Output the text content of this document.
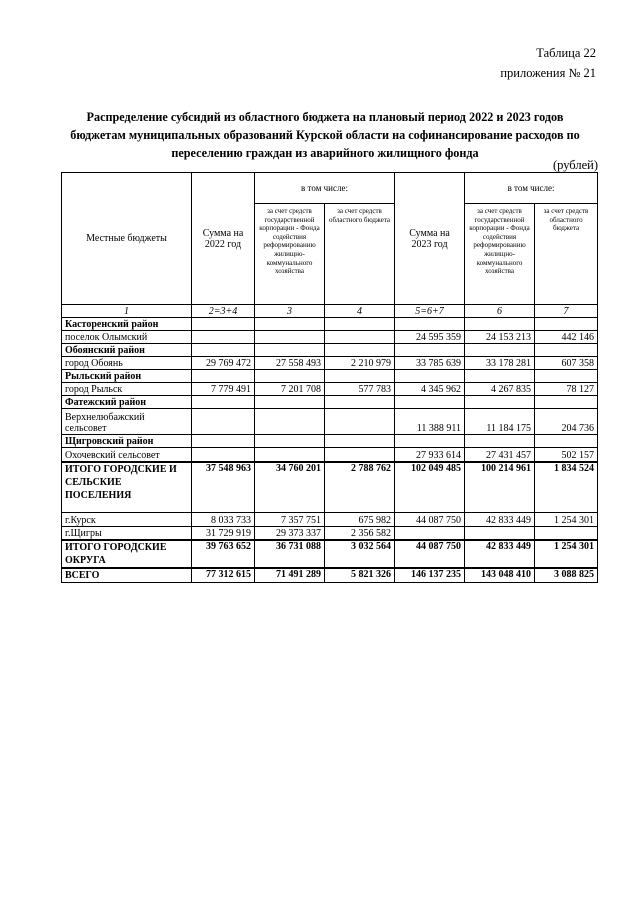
Таблица 22
приложения № 21
Распределение субсидий из областного бюджета на плановый период 2022 и 2023 годов
бюджетам муниципальных образований Курской области на софинансирование расходов по
переселению граждан из аварийного жилищного фонда
(рублей)
Местные бюджеты	Сумма на 2022 год	в том числе:		Сумма на 2023 год	в том числе:	
		за счет средств государственной корпорации - Фонда содействия реформированию жилищно-коммунального хозяйства	за счет средств областного бюджета		за счет средств государственной корпорации - Фонда содействия реформированию жилищно-коммунального хозяйства	за счет средств областного бюджета
1	2=3+4	3	4	5=6+7	6	7
Касторенский район						
поселок Олымский				24 595 359	24 153 213	442 146
Обоянский район						
город Обоянь	29 769 472	27 558 493	2 210 979	33 785 639	33 178 281	607 358
Рыльский район						
город Рыльск	7 779 491	7 201 708	577 783	4 345 962	4 267 835	78 127
Фатежский район						
Верхнелюбажский сельсовет				11 388 911	11 184 175	204 736
Щигровский район						
Охочевский сельсовет				27 933 614	27 431 457	502 157
ИТОГО ГОРОДСКИЕ И СЕЛЬСКИЕ ПОСЕЛЕНИЯ	37 548 963	34 760 201	2 788 762	102 049 485	100 214 961	1 834 524
г.Курск	8 033 733	7 357 751	675 982	44 087 750	42 833 449	1 254 301
г.Щигры	31 729 919	29 373 337	2 356 582			
ИТОГО ГОРОДСКИЕ ОКРУГА	39 763 652	36 731 088	3 032 564	44 087 750	42 833 449	1 254 301
ВСЕГО	77 312 615	71 491 289	5 821 326	146 137 235	143 048 410	3 088 825
